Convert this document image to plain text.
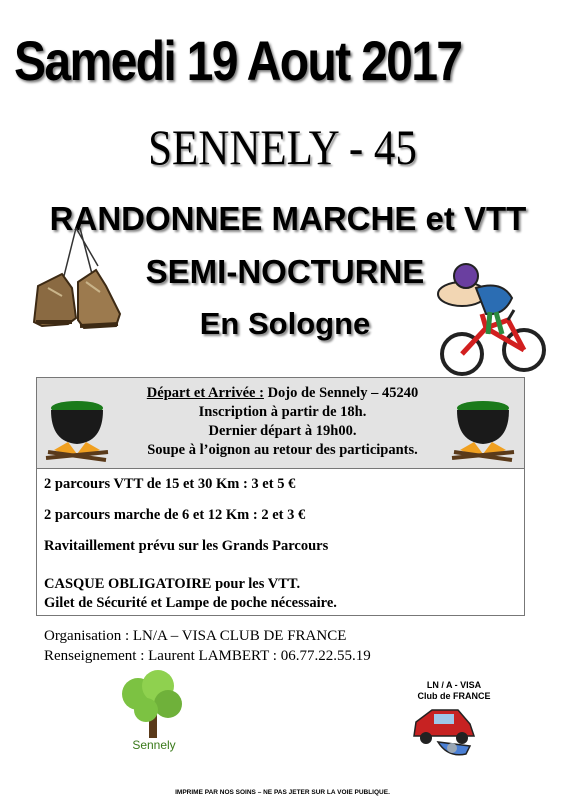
Samedi 19 Aout 2017
SENNELY - 45
RANDONNEE MARCHE et VTT
SEMI-NOCTURNE
En Sologne
Départ et Arrivée : Dojo de Sennely – 45240
Inscription à partir de 18h.
Dernier départ à 19h00.
Soupe à l’oignon au retour des participants.
2 parcours VTT de 15 et 30 Km : 3 et 5 €
2 parcours marche de 6 et 12 Km : 2 et 3 €
Ravitaillement prévu sur les Grands Parcours
CASQUE OBLIGATOIRE pour les VTT.
Gilet de Sécurité et Lampe de poche nécessaire.
Organisation : LN/A – VISA CLUB DE FRANCE
Renseignement : Laurent LAMBERT : 06.77.22.55.19
Sennely
LN / A - VISA
Club de FRANCE
IMPRIME PAR NOS SOINS – NE PAS JETER SUR LA VOIE PUBLIQUE.
